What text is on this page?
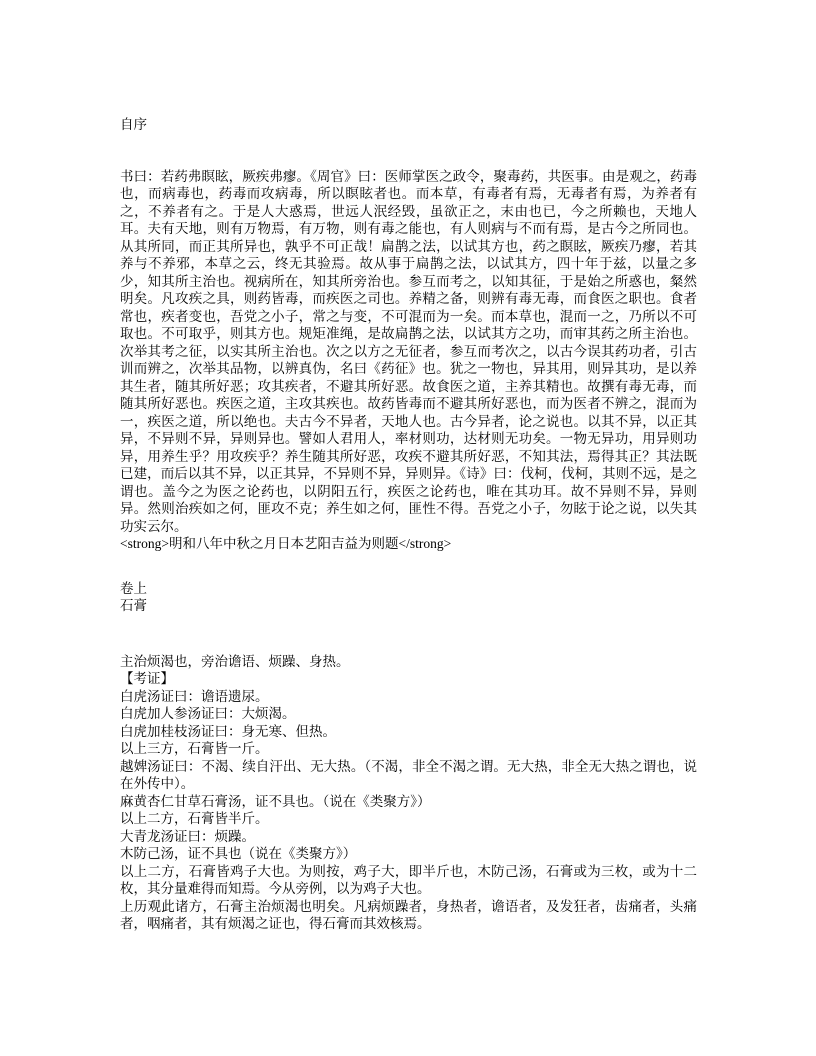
自序

书曰：若药弗瞑眩，厥疾弗瘳。《周官》曰：医师掌医之政令，聚毒药，共医事。由是观之，药毒也，而病毒也，药毒而攻病毒，所以瞑眩者也。而本草，有毒者有焉，无毒者有焉，为养者有之，不养者有之。于是人大惑焉，世远人泯经毁，虽欲正之，末由也已，今之所赖也，天地人耳。夫有天地，则有万物焉，有万物，则有毒之能也，有人则病与不而有焉，是古今之所同也。从其所同，而正其所异也，孰乎不可正哉！扁鹊之法，以试其方也，药之瞑眩，厥疾乃瘳，若其养与不养邪，本草之云，终无其验焉。故从事于扁鹊之法，以试其方，四十年于兹，以量之多少，知其所主治也。视病所在，知其所旁治也。参互而考之，以知其征，于是始之所惑也，粲然明矣。凡攻疾之具，则药皆毒，而疾医之司也。养精之备，则辨有毒无毒，而食医之职也。食者常也，疾者变也，吾党之小子，常之与变，不可混而为一矣。而本草也，混而一之，乃所以不可取也。不可取乎，则其方也。规矩准绳，是故扁鹊之法，以试其方之功，而审其药之所主治也。次举其考之征，以实其所主治也。次之以方之无征者，参互而考次之，以古今误其药功者，引古训而辨之，次举其品物，以辨真伪，名曰《药征》也。犹之一物也，异其用，则异其功，是以养其生者，随其所好恶；攻其疾者，不避其所好恶。故食医之道，主养其精也。故撰有毒无毒，而随其所好恶也。疾医之道，主攻其疾也。故药皆毒而不避其所好恶也，而为医者不辨之，混而为一，疾医之道，所以绝也。夫古今不异者，天地人也。古今异者，论之说也。以其不异，以正其异，不异则不异，异则异也。譬如人君用人，率材则功，达材则无功矣。一物无异功，用异则功异，用养生乎？用攻疾乎？养生随其所好恶，攻疾不避其所好恶，不知其法，焉得其正？其法既已建，而后以其不异，以正其异，不异则不异，异则异。《诗》曰：伐柯，伐柯，其则不远，是之谓也。盖今之为医之论药也，以阴阳五行，疾医之论药也，唯在其功耳。故不异则不异，异则异。然则治疾如之何，匪攻不克；养生如之何，匪性不得。吾党之小子，勿眩于论之说，以失其功实云尔。

<strong>明和八年中秋之月日本艺阳吉益为则题</strong>

卷上
石膏

主治烦渴也，旁治谵语、烦躁、身热。

【考证】

白虎汤证曰：谵语遗尿。

白虎加人参汤证曰：大烦渴。

白虎加桂枝汤证曰：身无寒、但热。

以上三方，石膏皆一斤。

越婢汤证曰：不渴、续自汗出、无大热。（不渴，非全不渴之谓。无大热，非全无大热之谓也，说在外传中）。

麻黄杏仁甘草石膏汤，证不具也。（说在《类聚方》）

以上二方，石膏皆半斤。

大青龙汤证曰：烦躁。

木防己汤，证不具也（说在《类聚方》）

以上二方，石膏皆鸡子大也。为则按，鸡子大，即半斤也，木防己汤，石膏或为三枚，或为十二枚，其分量难得而知焉。今从旁例，以为鸡子大也。

上历观此诸方，石膏主治烦渴也明矣。凡病烦躁者，身热者，谵语者，及发狂者，齿痛者，头痛者，咽痛者，其有烦渴之证也，得石膏而其效核焉。
